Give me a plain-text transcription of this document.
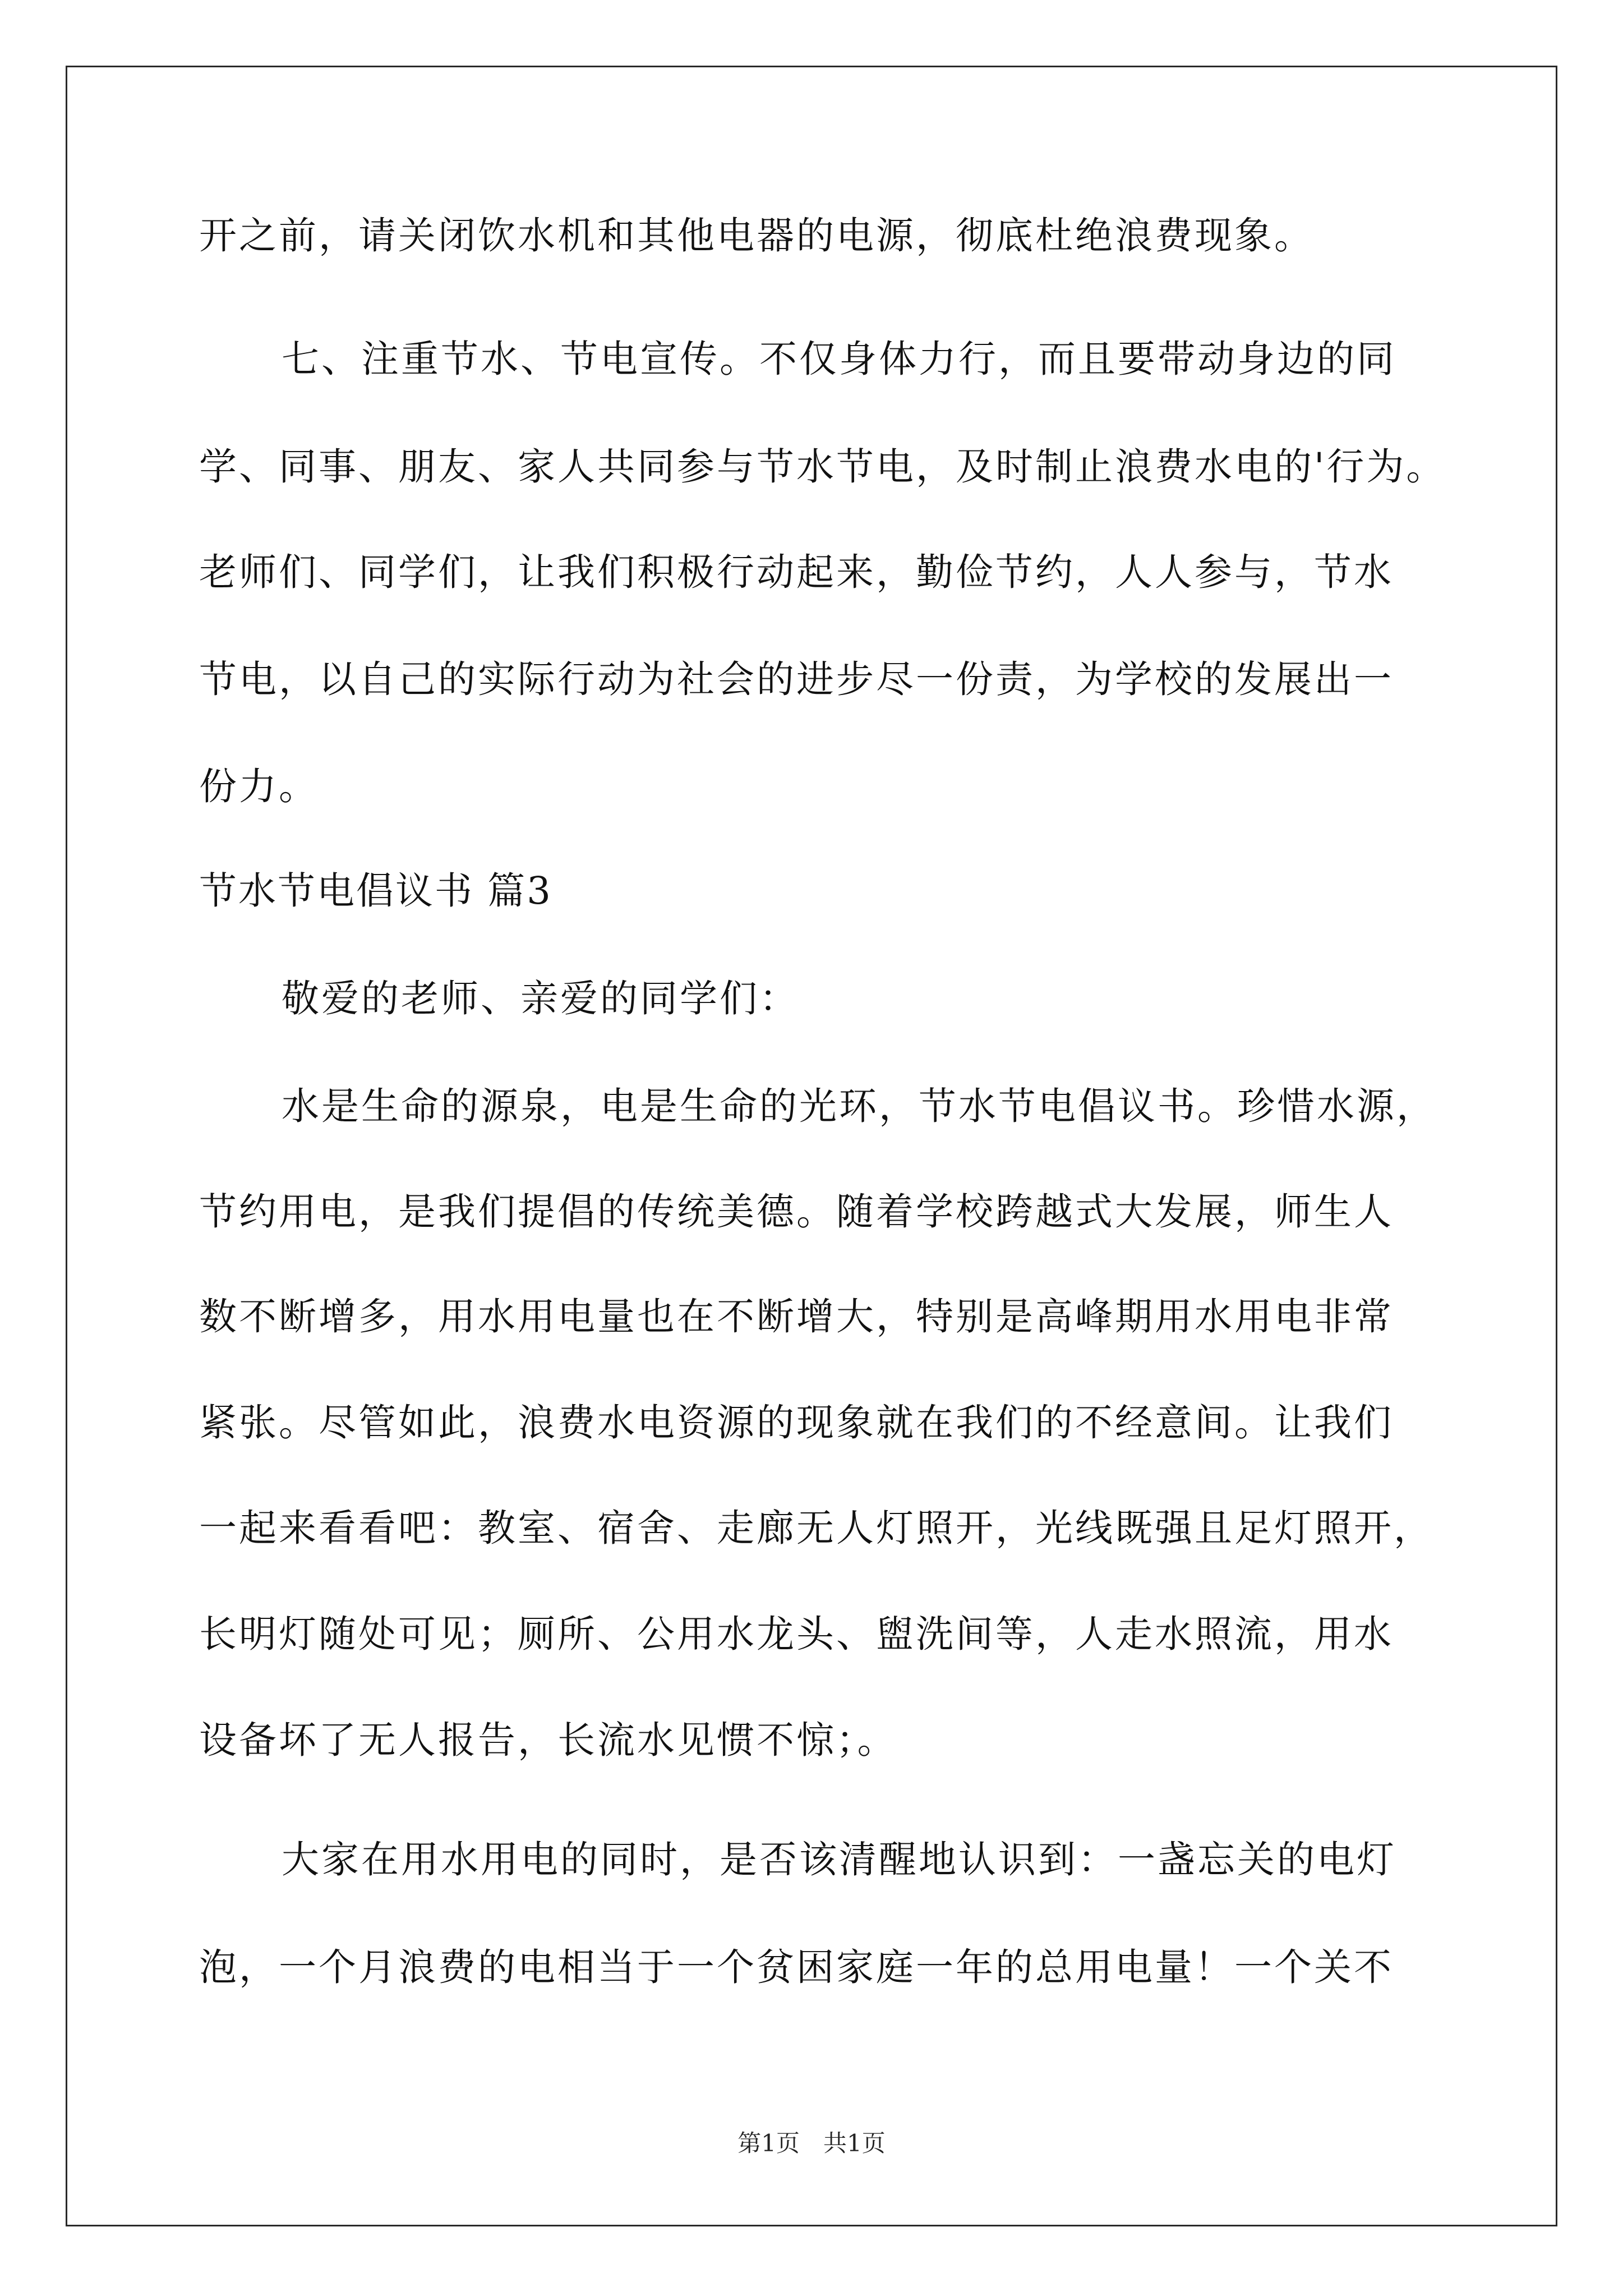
开之前，请关闭饮水机和其他电器的电源，彻底杜绝浪费现象。
七、注重节水、节电宣传。不仅身体力行，而且要带动身边的同
学、同事、朋友、家人共同参与节水节电，及时制止浪费水电的'行为。
老师们、同学们，让我们积极行动起来，勤俭节约，人人参与，节水
节电，以自己的实际行动为社会的进步尽一份责，为学校的发展出一
份力。
节水节电倡议书 篇3
敬爱的老师、亲爱的同学们：
水是生命的源泉，电是生命的光环，节水节电倡议书。珍惜水源，
节约用电，是我们提倡的传统美德。随着学校跨越式大发展，师生人
数不断增多，用水用电量也在不断增大，特别是高峰期用水用电非常
紧张。尽管如此，浪费水电资源的现象就在我们的不经意间。让我们
一起来看看吧：教室、宿舍、走廊无人灯照开，光线既强且足灯照开，
长明灯随处可见；厕所、公用水龙头、盥洗间等，人走水照流，用水
设备坏了无人报告，长流水见惯不惊；。
大家在用水用电的同时，是否该清醒地认识到：一盏忘关的电灯
泡，一个月浪费的电相当于一个贫困家庭一年的总用电量！一个关不
第1页　共1页
